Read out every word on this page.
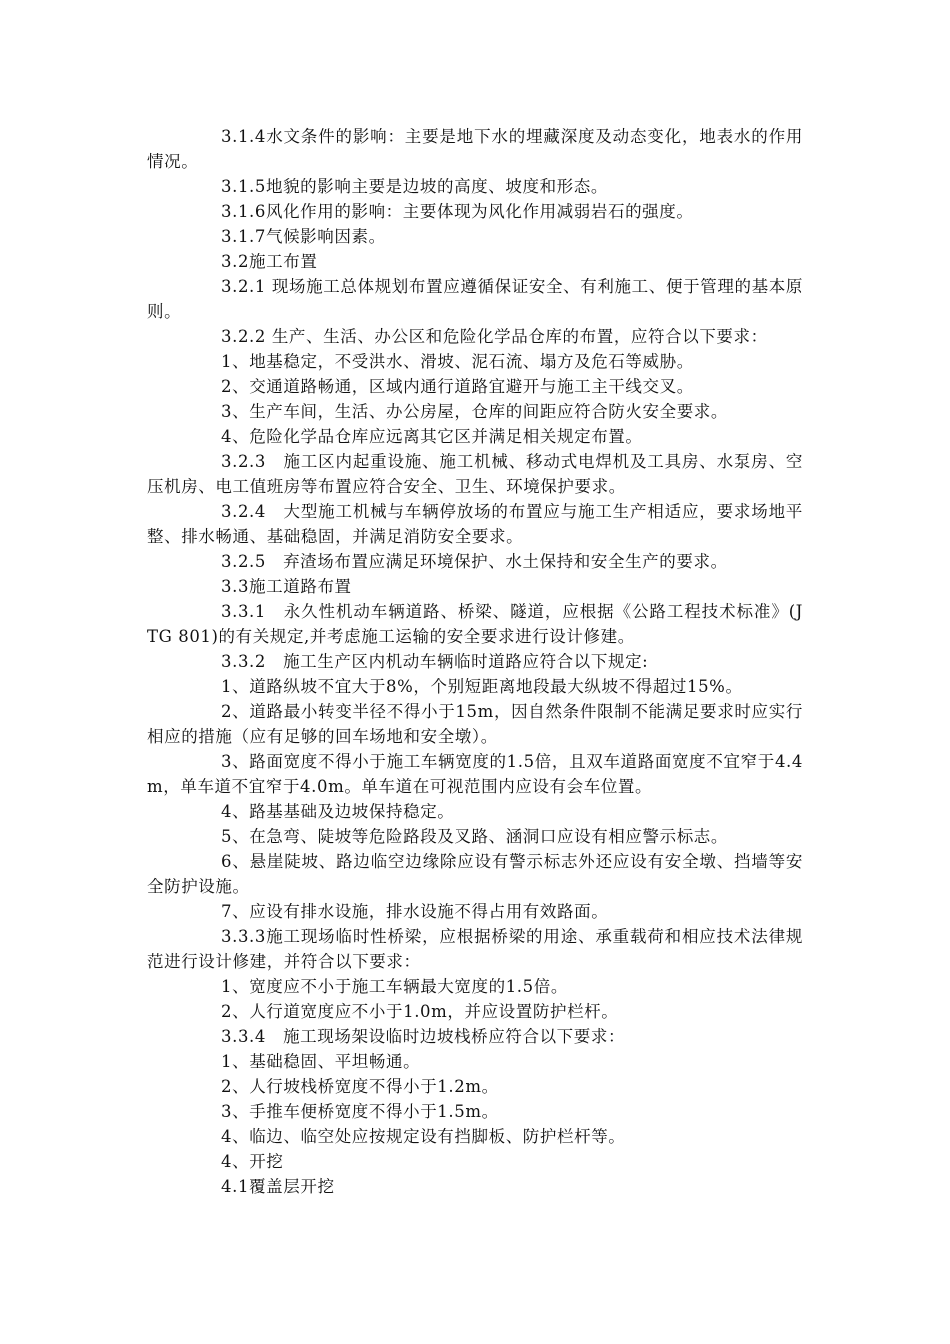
3.1.4水文条件的影响：主要是地下水的埋藏深度及动态变化，地表水的作用情况。

3.1.5地貌的影响主要是边坡的高度、坡度和形态。

3.1.6风化作用的影响：主要体现为风化作用减弱岩石的强度。

3.1.7气候影响因素。

3.2施工布置

3.2.1 现场施工总体规划布置应遵循保证安全、有利施工、便于管理的基本原则。

3.2.2 生产、生活、办公区和危险化学品仓库的布置，应符合以下要求：

1、地基稳定，不受洪水、滑坡、泥石流、塌方及危石等威胁。

2、交通道路畅通，区域内通行道路宜避开与施工主干线交叉。

3、生产车间，生活、办公房屋，仓库的间距应符合防火安全要求。

4、危险化学品仓库应远离其它区并满足相关规定布置。

3.2.3　施工区内起重设施、施工机械、移动式电焊机及工具房、水泵房、空压机房、电工值班房等布置应符合安全、卫生、环境保护要求。

3.2.4　大型施工机械与车辆停放场的布置应与施工生产相适应，要求场地平整、排水畅通、基础稳固，并满足消防安全要求。

3.2.5　弃渣场布置应满足环境保护、水土保持和安全生产的要求。

3.3施工道路布置

3.3.1　永久性机动车辆道路、桥梁、隧道，应根据《公路工程技术标准》(JTG 801)的有关规定,并考虑施工运输的安全要求进行设计修建。

3.3.2　施工生产区内机动车辆临时道路应符合以下规定:

1、道路纵坡不宜大于8%，个别短距离地段最大纵坡不得超过15%。

2、道路最小转变半径不得小于15m，因自然条件限制不能满足要求时应实行相应的措施（应有足够的回车场地和安全墩）。

3、路面宽度不得小于施工车辆宽度的1.5倍，且双车道路面宽度不宜窄于4.4m，单车道不宜窄于4.0m。单车道在可视范围内应设有会车位置。

4、路基基础及边坡保持稳定。

5、在急弯、陡坡等危险路段及叉路、涵洞口应设有相应警示标志。

6、悬崖陡坡、路边临空边缘除应设有警示标志外还应设有安全墩、挡墙等安全防护设施。

7、应设有排水设施，排水设施不得占用有效路面。

3.3.3施工现场临时性桥梁，应根据桥梁的用途、承重载荷和相应技术法律规范进行设计修建，并符合以下要求：

1、宽度应不小于施工车辆最大宽度的1.5倍。

2、人行道宽度应不小于1.0m，并应设置防护栏杆。

3.3.4　施工现场架设临时边坡栈桥应符合以下要求：

1、基础稳固、平坦畅通。

2、人行坡栈桥宽度不得小于1.2m。

3、手推车便桥宽度不得小于1.5m。

4、临边、临空处应按规定设有挡脚板、防护栏杆等。

4、开挖

4.1覆盖层开挖
